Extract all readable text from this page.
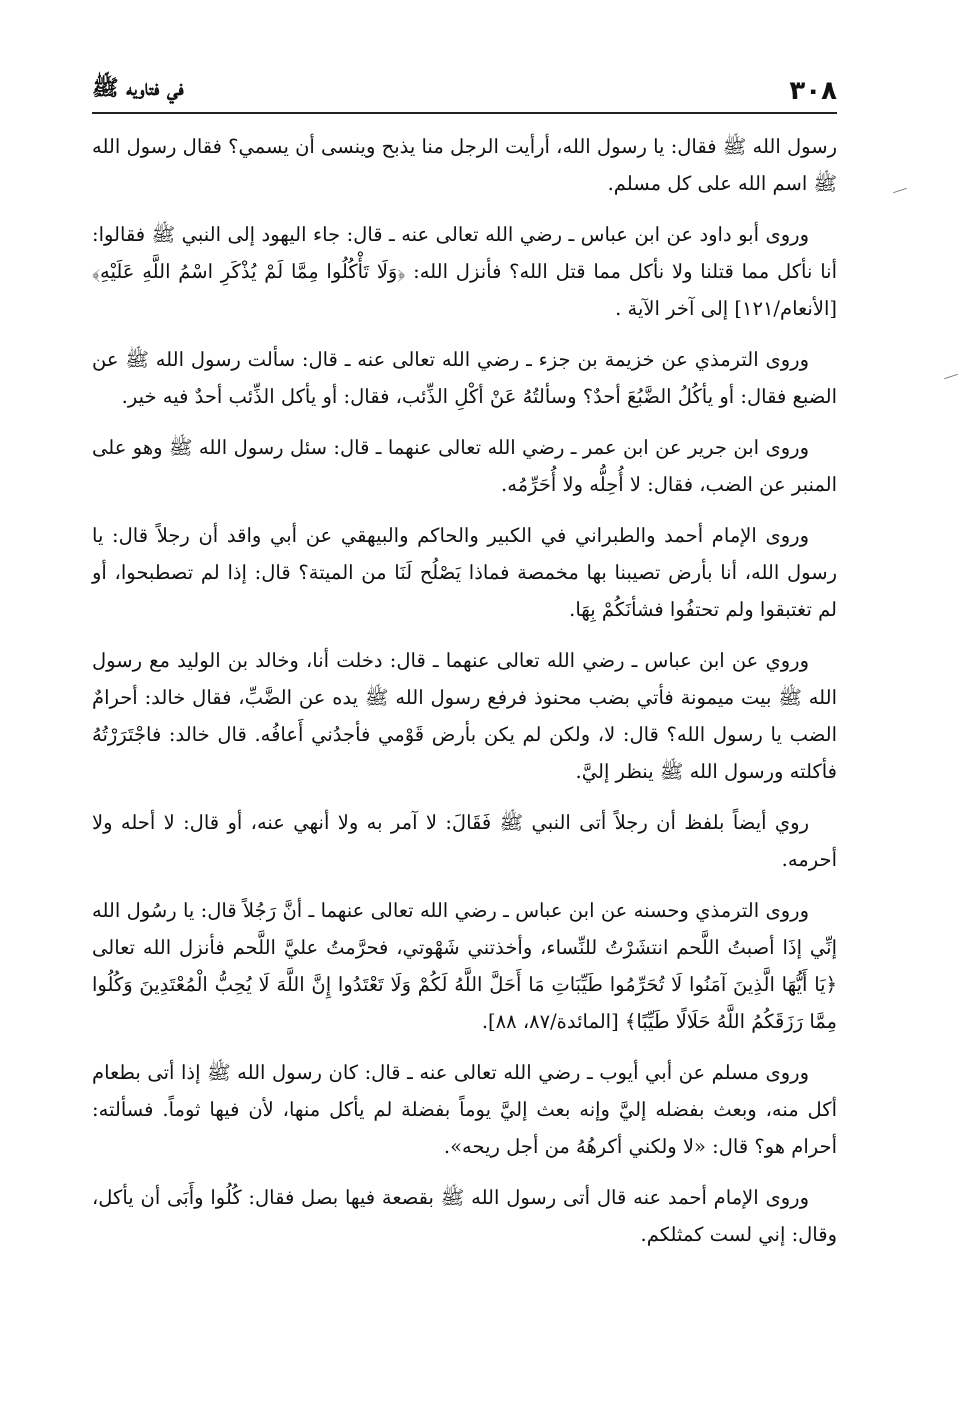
٣٠٨
في فتاويه ﷺ

رسول الله ﷺ فقال: يا رسول الله، أرأيت الرجل منا يذبح وينسى أن يسمي؟ فقال رسول الله ﷺ اسم الله على كل مسلم.

وروى أبو داود عن ابن عباس ـ رضي الله تعالى عنه ـ قال: جاء اليهود إلى النبي ﷺ فقالوا: أنا نأكل مما قتلنا ولا نأكل مما قتل الله؟ فأنزل الله: ﴿وَلَا تَأْكُلُوا مِمَّا لَمْ يُذْكَرِ اسْمُ اللَّهِ عَلَيْهِ﴾ [الأنعام/١٢١] إلى آخر الآية .

وروى الترمذي عن خزيمة بن جزء ـ رضي الله تعالى عنه ـ قال: سألت رسول الله ﷺ عن الضبع فقال: أو يأكُلُ الضَّبُعَ أحدٌ؟ وسألتُهُ عَنْ أكْلِ الذِّئب، فقال: أو يأكل الذِّئب أحدٌ فيه خير.

وروى ابن جرير عن ابن عمر ـ رضي الله تعالى عنهما ـ قال: سئل رسول الله ﷺ وهو على المنبر عن الضب، فقال: لا أُحِلُّه ولا أُحَرِّمُه.

وروى الإمام أحمد والطبراني في الكبير والحاكم والبيهقي عن أبي واقد أن رجلاً قال: يا رسول الله، أنا بأرض تصيبنا بها مخمصة فماذا يَصْلُح لَنَا من الميتة؟ قال: إذا لم تصطبحوا، أو لم تغتبقوا ولم تحتفُوا فشأنَكُمْ بِهَا.

وروي عن ابن عباس ـ رضي الله تعالى عنهما ـ قال: دخلت أنا، وخالد بن الوليد مع رسول الله ﷺ بيت ميمونة فأتي بضب محنوذ فرفع رسول الله ﷺ يده عن الضَّبِّ، فقال خالد: أحرامٌ الضب يا رسول الله؟ قال: لا، ولكن لم يكن بأرض قَوْمي فأجدُني أَعافُه. قال خالد: فاجْتَرَرْتُهُ فأكلته ورسول الله ﷺ ينظر إليَّ.

روي أيضاً بلفظ أن رجلاً أتى النبي ﷺ فَقَالَ: لا آمر به ولا أنهي عنه، أو قال: لا أحله ولا أحرمه.

وروى الترمذي وحسنه عن ابن عباس ـ رضي الله تعالى عنهما ـ أنَّ رَجُلاً قال: يا رسُول الله إنِّي إذَا أصبتُ اللَّحم انتشَرْتُ للنِّساء، وأخذتني شَهْوتي، فحرَّمتُ عليَّ اللَّحم فأنزل الله تعالى ﴿يَا أَيُّهَا الَّذِينَ آمَنُوا لَا تُحَرِّمُوا طَيِّبَاتِ مَا أَحَلَّ اللَّهُ لَكُمْ وَلَا تَعْتَدُوا إِنَّ اللَّهَ لَا يُحِبُّ الْمُعْتَدِينَ وَكُلُوا مِمَّا رَزَقَكُمُ اللَّهُ حَلَالًا طَيِّبًا﴾ [المائدة/٨٧، ٨٨].

وروى مسلم عن أبي أيوب ـ رضي الله تعالى عنه ـ قال: كان رسول الله ﷺ إذا أتى بطعام أكل منه، وبعث بفضله إليَّ وإنه بعث إليَّ يوماً بفضلة لم يأكل منها، لأن فيها ثوماً. فسألته: أحرام هو؟ قال: «لا ولكني أكرهُهُ من أجل ريحه».

وروى الإمام أحمد عنه قال أتى رسول الله ﷺ بقصعة فيها بصل فقال: كُلُوا وأَبَى أن يأكل، وقال: إني لست كمثلكم.
